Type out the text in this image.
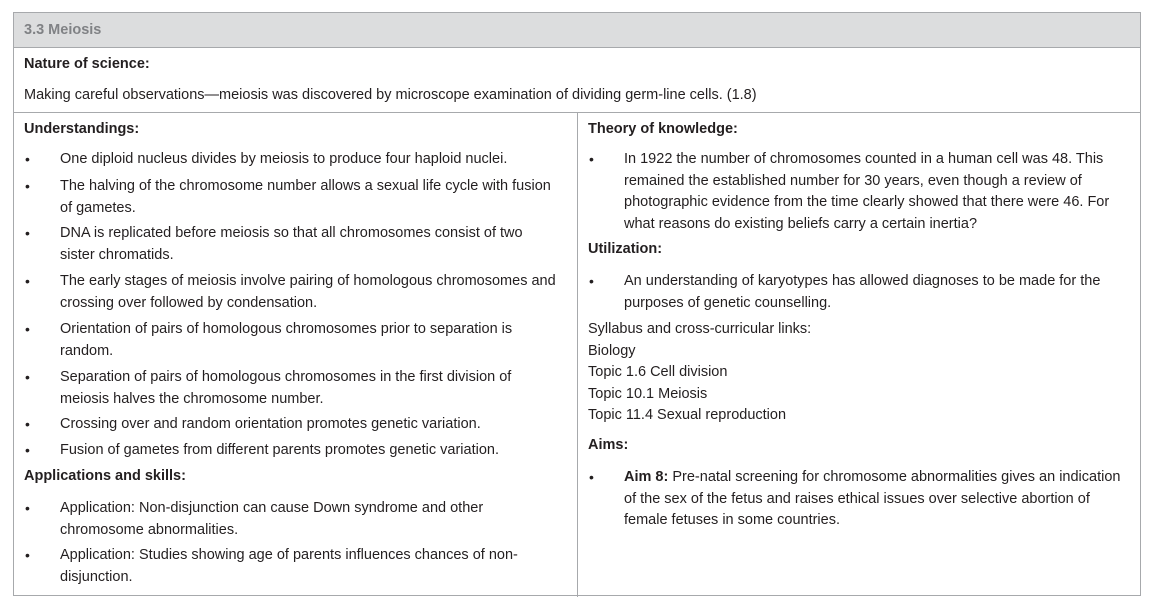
3.3 Meiosis
Nature of science:
Making careful observations—meiosis was discovered by microscope examination of dividing germ-line cells. (1.8)
Understandings:
• One diploid nucleus divides by meiosis to produce four haploid nuclei.
• The halving of the chromosome number allows a sexual life cycle with fusion
of gametes.
• DNA is replicated before meiosis so that all chromosomes consist of two
sister chromatids.
• The early stages of meiosis involve pairing of homologous chromosomes and
crossing over followed by condensation.
• Orientation of pairs of homologous chromosomes prior to separation is
random.
• Separation of pairs of homologous chromosomes in the first division of
meiosis halves the chromosome number.
• Crossing over and random orientation promotes genetic variation.
• Fusion of gametes from different parents promotes genetic variation.
Applications and skills:
• Application: Non-disjunction can cause Down syndrome and other
chromosome abnormalities.
• Application: Studies showing age of parents influences chances of non-
disjunction.
Theory of knowledge:
• In 1922 the number of chromosomes counted in a human cell was 48. This
remained the established number for 30 years, even though a review of
photographic evidence from the time clearly showed that there were 46. For
what reasons do existing beliefs carry a certain inertia?
Utilization:
• An understanding of karyotypes has allowed diagnoses to be made for the
purposes of genetic counselling.
Syllabus and cross-curricular links:
Biology
Topic 1.6 Cell division
Topic 10.1 Meiosis
Topic 11.4 Sexual reproduction
Aims:
• Aim 8: Pre-natal screening for chromosome abnormalities gives an indication
of the sex of the fetus and raises ethical issues over selective abortion of
female fetuses in some countries.
